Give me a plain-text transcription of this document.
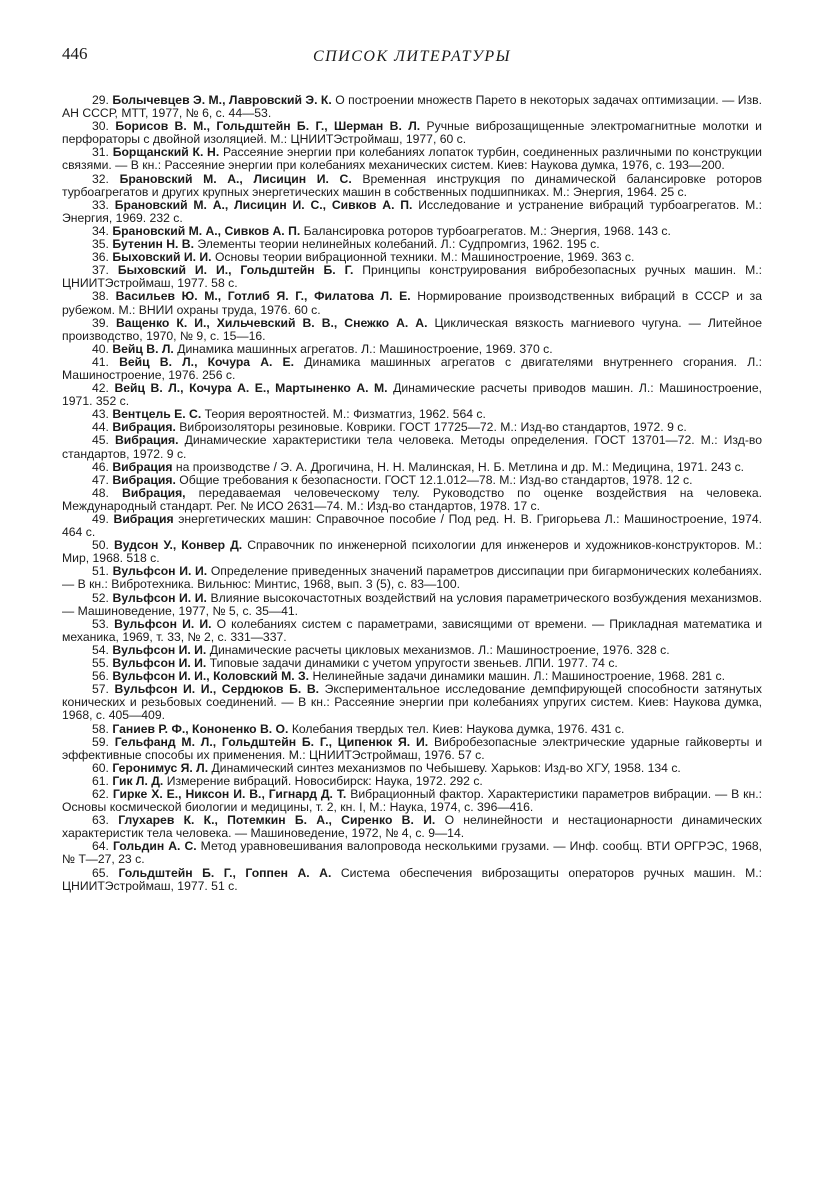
446	СПИСОК ЛИТЕРАТУРЫ

29. Болычевцев Э. М., Лавровский Э. К. О построении множеств Парето в некоторых задачах оптимизации. — Изв. АН СССР, МТТ, 1977, № 6, с. 44—53.

30. Борисов В. М., Гольдштейн Б. Г., Шерман В. Л. Ручные виброзащищенные электромагнитные молотки и перфораторы с двойной изоляцией. М.: ЦНИИТЭстроймаш, 1977, 60 с.

31. Борщанский К. Н. Рассеяние энергии при колебаниях лопаток турбин, соединенных различными по конструкции связями. — В кн.: Рассеяние энергии при колебаниях механических систем. Киев: Наукова думка, 1976, с. 193—200.

32. Брановский М. А., Лисицин И. С. Временная инструкция по динамической балансировке роторов турбоагрегатов и других крупных энергетических машин в собственных подшипниках. М.: Энергия, 1964. 25 с.

33. Брановский М. А., Лисицин И. С., Сивков А. П. Исследование и устранение вибраций турбоагрегатов. М.: Энергия, 1969. 232 с.

34. Брановский М. А., Сивков А. П. Балансировка роторов турбоагрегатов. М.: Энергия, 1968. 143 с.

35. Бутенин Н. В. Элементы теории нелинейных колебаний. Л.: Судпромгиз, 1962. 195 с.

36. Быховский И. И. Основы теории вибрационной техники. М.: Машиностроение, 1969. 363 с.

37. Быховский И. И., Гольдштейн Б. Г. Принципы конструирования вибробезопасных ручных машин. М.: ЦНИИТЭстроймаш, 1977. 58 с.

38. Васильев Ю. М., Готлиб Я. Г., Филатова Л. Е. Нормирование производственных вибраций в СССР и за рубежом. М.: ВНИИ охраны труда, 1976. 60 с.

39. Ващенко К. И., Хильчевский В. В., Снежко А. А. Циклическая вязкость магниевого чугуна. — Литейное производство, 1970, № 9, с. 15—16.

40. Вейц В. Л. Динамика машинных агрегатов. Л.: Машиностроение, 1969. 370 с.

41. Вейц В. Л., Кочура А. Е. Динамика машинных агрегатов с двигателями внутреннего сгорания. Л.: Машиностроение, 1976. 256 с.

42. Вейц В. Л., Кочура А. Е., Мартыненко А. М. Динамические расчеты приводов машин. Л.: Машиностроение, 1971. 352 с.

43. Вентцель Е. С. Теория вероятностей. М.: Физматгиз, 1962. 564 с.

44. Вибрация. Виброизоляторы резиновые. Коврики. ГОСТ 17725—72. М.: Изд-во стандартов, 1972. 9 с.

45. Вибрация. Динамические характеристики тела человека. Методы определения. ГОСТ 13701—72. М.: Изд-во стандартов, 1972. 9 с.

46. Вибрация на производстве / Э. А. Дрогичина, Н. Н. Малинская, Н. Б. Метлина и др. М.: Медицина, 1971. 243 с.

47. Вибрация. Общие требования к безопасности. ГОСТ 12.1.012—78. М.: Изд-во стандартов, 1978. 12 с.

48. Вибрация, передаваемая человеческому телу. Руководство по оценке воздействия на человека. Международный стандарт. Рег. № ИСО 2631—74. М.: Изд-во стандартов, 1978. 17 с.

49. Вибрация энергетических машин: Справочное пособие / Под ред. Н. В. Григорьева Л.: Машиностроение, 1974. 464 с.

50. Вудсон У., Конвер Д. Справочник по инженерной психологии для инженеров и художников-конструкторов. М.: Мир, 1968. 518 с.

51. Вульфсон И. И. Определение приведенных значений параметров диссипации при бигармонических колебаниях. — В кн.: Вибротехника. Вильнюс: Минтис, 1968, вып. 3 (5), с. 83—100.

52. Вульфсон И. И. Влияние высокочастотных воздействий на условия параметрического возбуждения механизмов. — Машиноведение, 1977, № 5, с. 35—41.

53. Вульфсон И. И. О колебаниях систем с параметрами, зависящими от времени. — Прикладная математика и механика, 1969, т. 33, № 2, с. 331—337.

54. Вульфсон И. И. Динамические расчеты цикловых механизмов. Л.: Машиностроение, 1976. 328 с.

55. Вульфсон И. И. Типовые задачи динамики с учетом упругости звеньев. ЛПИ. 1977. 74 с.

56. Вульфсон И. И., Коловский М. З. Нелинейные задачи динамики машин. Л.: Машиностроение, 1968. 281 с.

57. Вульфсон И. И., Сердюков Б. В. Экспериментальное исследование демпфирующей способности затянутых конических и резьбовых соединений. — В кн.: Рассеяние энергии при колебаниях упругих систем. Киев: Наукова думка, 1968, с. 405—409.

58. Ганиев Р. Ф., Кононенко В. О. Колебания твердых тел. Киев: Наукова думка, 1976. 431 с.

59. Гельфанд М. Л., Гольдштейн Б. Г., Ципенюк Я. И. Вибробезопасные электрические ударные гайковерты и эффективные способы их применения. М.: ЦНИИТЭстроймаш, 1976. 57 с.

60. Геронимус Я. Л. Динамический синтез механизмов по Чебышеву. Харьков: Изд-во ХГУ, 1958. 134 с.

61. Гик Л. Д. Измерение вибраций. Новосибирск: Наука, 1972. 292 с.

62. Гирке Х. Е., Никсон И. В., Гигнард Д. Т. Вибрационный фактор. Характеристики параметров вибрации. — В кн.: Основы космической биологии и медицины, т. 2, кн. I, М.: Наука, 1974, с. 396—416.

63. Глухарев К. К., Потемкин Б. А., Сиренко В. И. О нелинейности и нестационарности динамических характеристик тела человека. — Машиноведение, 1972, № 4, с. 9—14.

64. Гольдин А. С. Метод уравновешивания валопровода несколькими грузами. — Инф. сообщ. ВТИ ОРГРЭС, 1968, № Т—27, 23 с.

65. Гольдштейн Б. Г., Гоппен А. А. Система обеспечения виброзащиты операторов ручных машин. М.: ЦНИИТЭстроймаш, 1977. 51 с.
